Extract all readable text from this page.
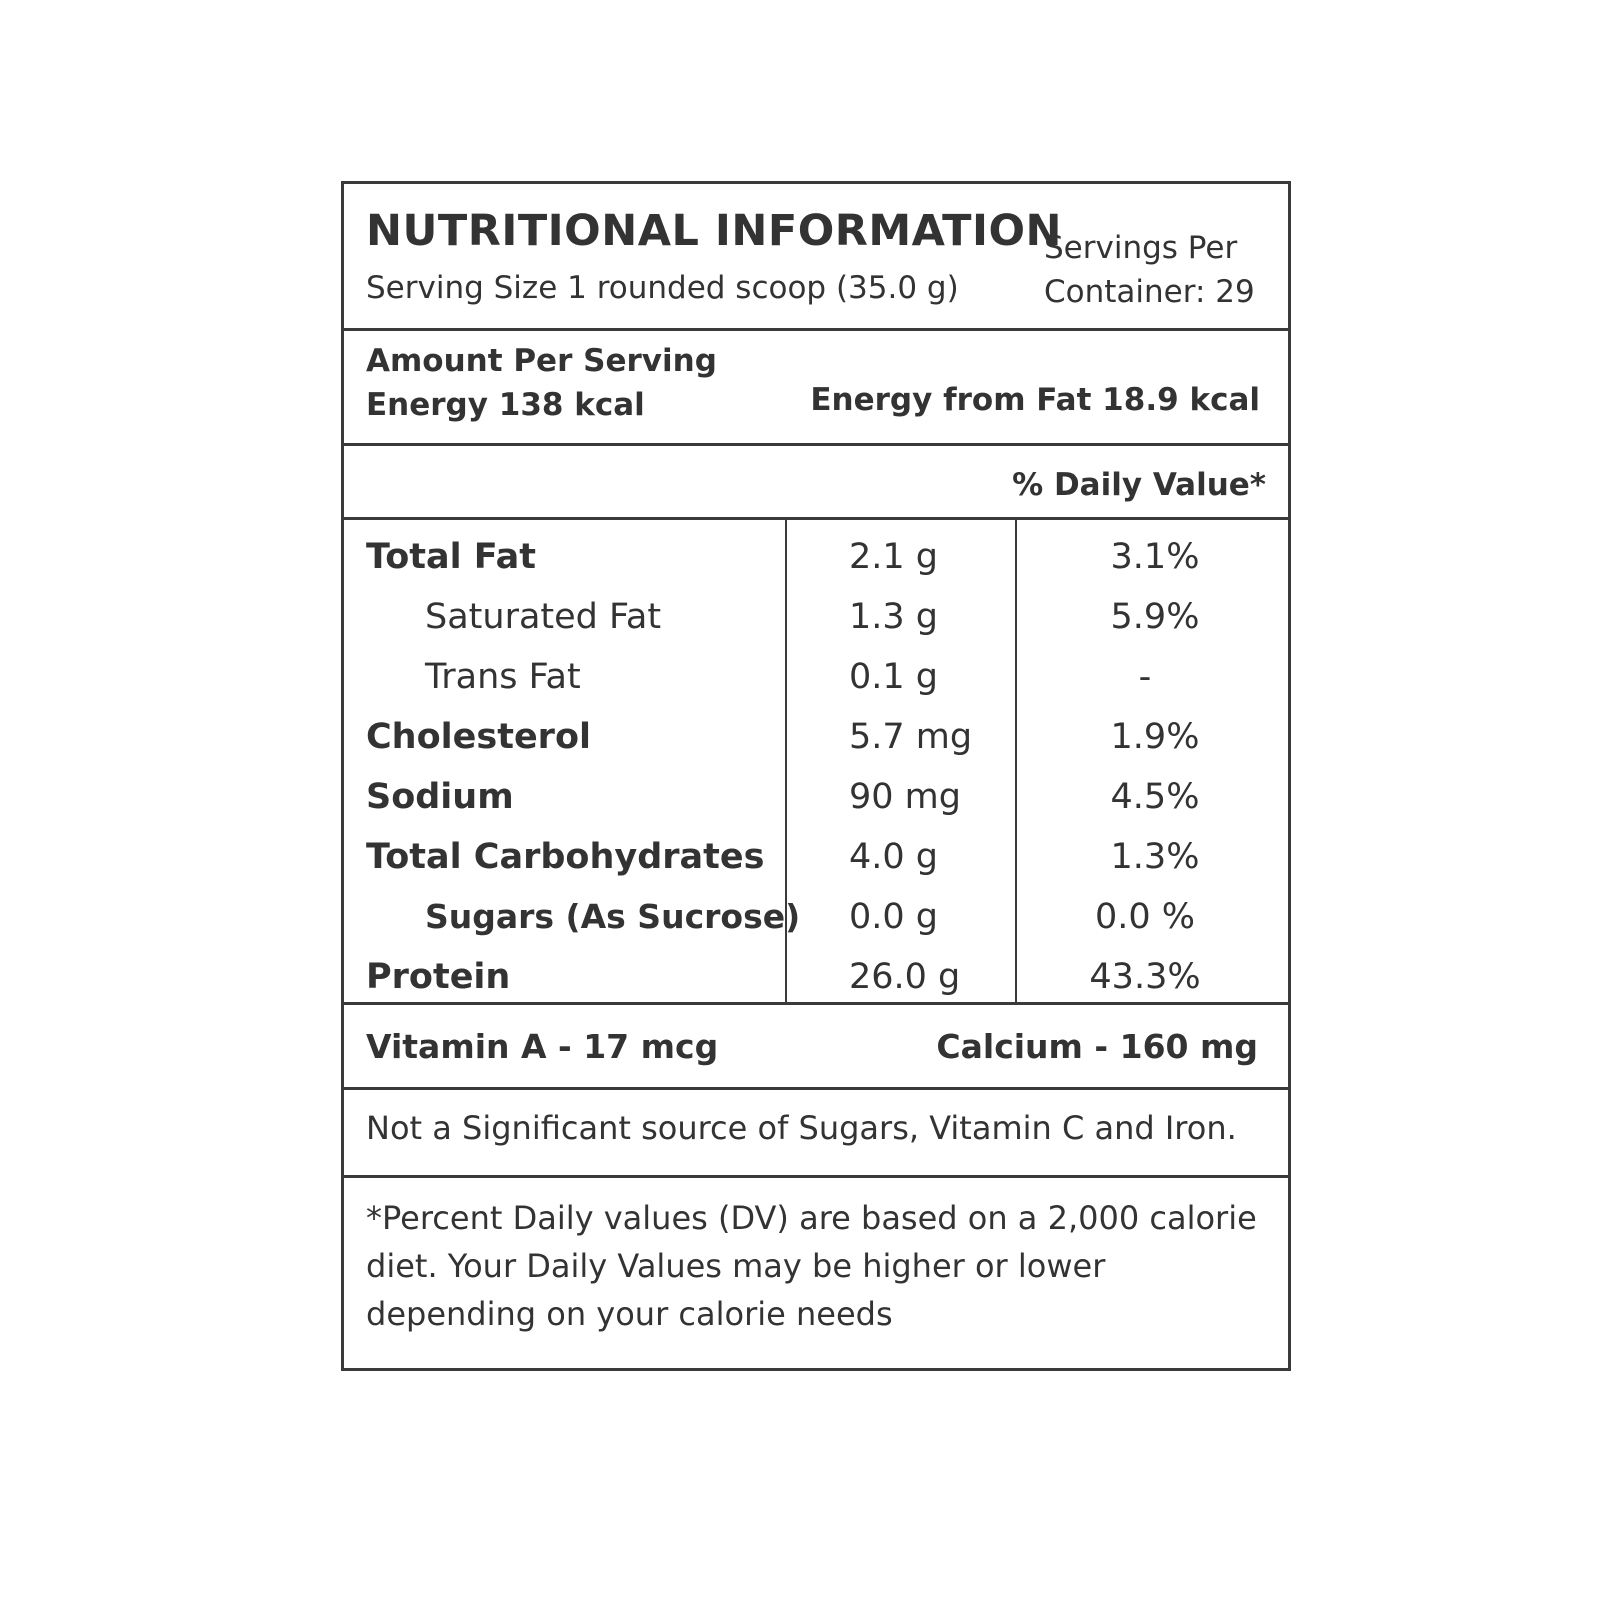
NUTRITIONAL INFORMATION
Serving Size 1 rounded scoop (35.0 g)
Servings Per
Container: 29
Amount Per Serving
Energy 138 kcal	Energy from Fat 18.9 kcal
% Daily Value*
Total Fat	2.1 g	3.1%
Saturated Fat	1.3 g	5.9%
Trans Fat	0.1 g	-
Cholesterol	5.7 mg	1.9%
Sodium	90 mg	4.5%
Total Carbohydrates 4.0 g	1.3%
Sugars (As Sucrose) 0.0 g	0.0 %
Protein	26.0 g	43.3%
Vitamin A - 17 mcg	Calcium - 160 mg
Not a Significant source of Sugars, Vitamin C and Iron.
*Percent Daily values (DV) are based on a 2,000 calorie
diet. Your Daily Values may be higher or lower
depending on your calorie needs
